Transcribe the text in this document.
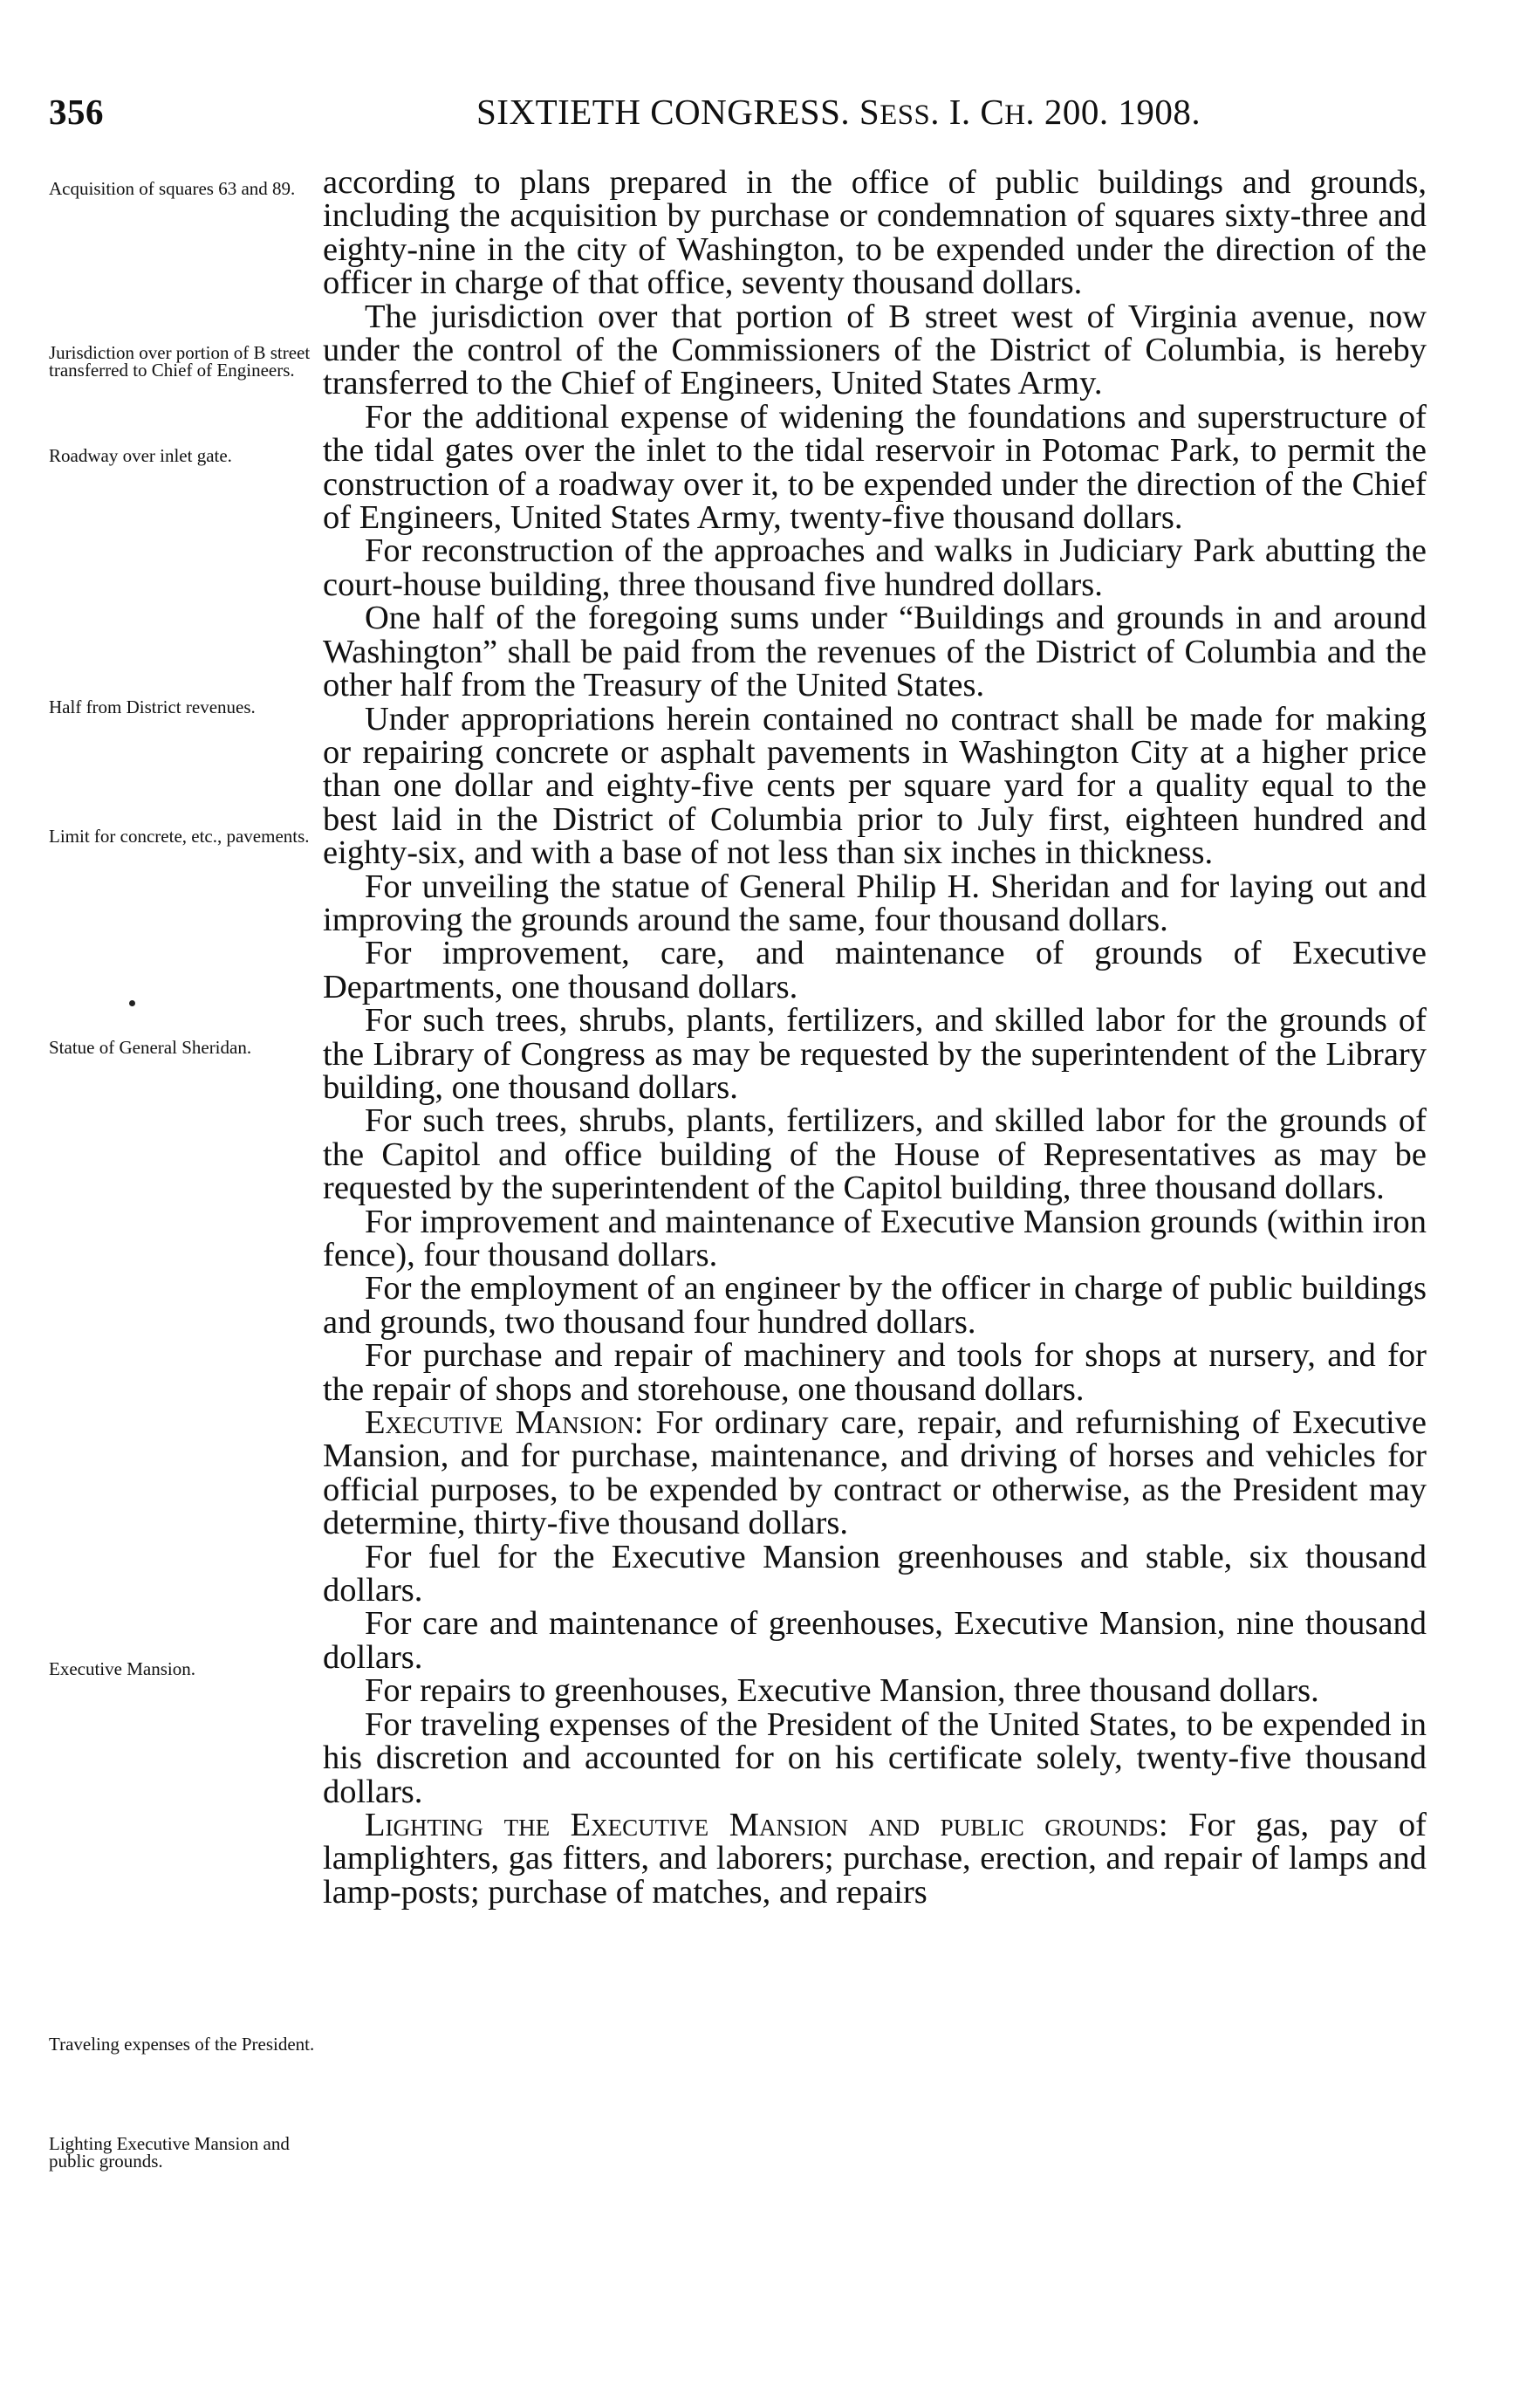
356	SIXTIETH CONGRESS. SESS. I. CH. 200. 1908.
Acquisition of squares 63 and 89.
Jurisdiction over portion of B street transferred to Chief of Engineers.
Roadway over inlet gate.
Half from District revenues.
Limit for concrete, etc., pavements.
Statue of General Sheridan.
Executive Mansion.
Traveling expenses of the President.
Lighting Executive Mansion and public grounds.

according to plans prepared in the office of public buildings and grounds, including the acquisition by purchase or condemnation of squares sixty-three and eighty-nine in the city of Washington, to be expended under the direction of the officer in charge of that office, seventy thousand dollars.

The jurisdiction over that portion of B street west of Virginia avenue, now under the control of the Commissioners of the District of Columbia, is hereby transferred to the Chief of Engineers, United States Army.

For the additional expense of widening the foundations and superstructure of the tidal gates over the inlet to the tidal reservoir in Potomac Park, to permit the construction of a roadway over it, to be expended under the direction of the Chief of Engineers, United States Army, twenty-five thousand dollars.

For reconstruction of the approaches and walks in Judiciary Park abutting the court-house building, three thousand five hundred dollars.

One half of the foregoing sums under “Buildings and grounds in and around Washington” shall be paid from the revenues of the District of Columbia and the other half from the Treasury of the United States.

Under appropriations herein contained no contract shall be made for making or repairing concrete or asphalt pavements in Washington City at a higher price than one dollar and eighty-five cents per square yard for a quality equal to the best laid in the District of Columbia prior to July first, eighteen hundred and eighty-six, and with a base of not less than six inches in thickness.

For unveiling the statue of General Philip H. Sheridan and for laying out and improving the grounds around the same, four thousand dollars.

For improvement, care, and maintenance of grounds of Executive Departments, one thousand dollars.

For such trees, shrubs, plants, fertilizers, and skilled labor for the grounds of the Library of Congress as may be requested by the superintendent of the Library building, one thousand dollars.

For such trees, shrubs, plants, fertilizers, and skilled labor for the grounds of the Capitol and office building of the House of Representatives as may be requested by the superintendent of the Capitol building, three thousand dollars.

For improvement and maintenance of Executive Mansion grounds (within iron fence), four thousand dollars.

For the employment of an engineer by the officer in charge of public buildings and grounds, two thousand four hundred dollars.

For purchase and repair of machinery and tools for shops at nursery, and for the repair of shops and storehouse, one thousand dollars.

Executive Mansion: For ordinary care, repair, and refurnishing of Executive Mansion, and for purchase, maintenance, and driving of horses and vehicles for official purposes, to be expended by contract or otherwise, as the President may determine, thirty-five thousand dollars.

For fuel for the Executive Mansion greenhouses and stable, six thousand dollars.

For care and maintenance of greenhouses, Executive Mansion, nine thousand dollars.

For repairs to greenhouses, Executive Mansion, three thousand dollars.

For traveling expenses of the President of the United States, to be expended in his discretion and accounted for on his certificate solely, twenty-five thousand dollars.

Lighting the Executive Mansion and public grounds: For gas, pay of lamplighters, gas fitters, and laborers; purchase, erection, and repair of lamps and lamp-posts; purchase of matches, and repairs
